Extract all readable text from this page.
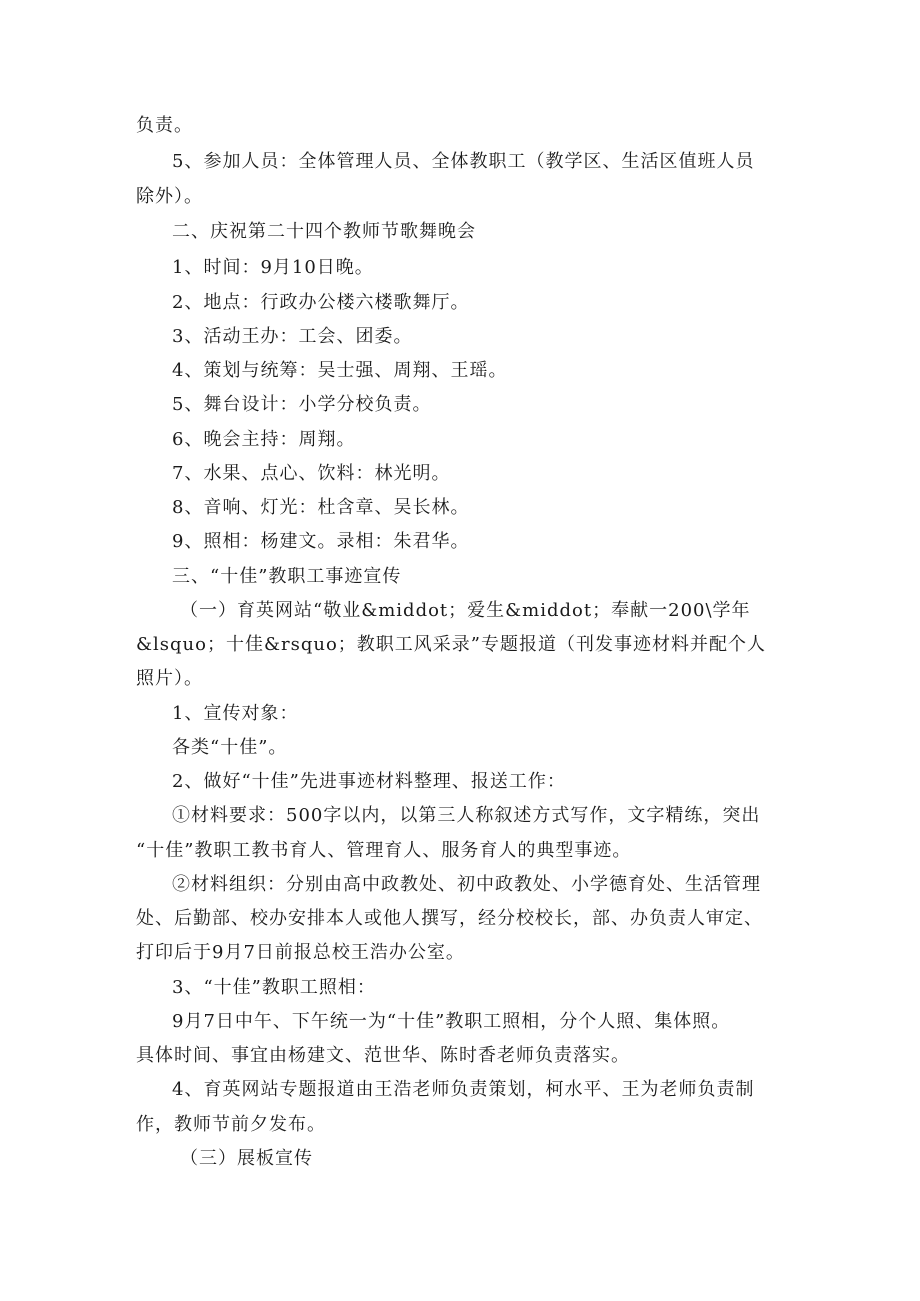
负责。
5、参加人员：全体管理人员、全体教职工（教学区、生活区值班人员
除外）。
二、庆祝第二十四个教师节歌舞晚会
1、时间：9月10日晚。
2、地点：行政办公楼六楼歌舞厅。
3、活动王办：工会、团委。
4、策划与统筹：吴士强、周翔、王瑶。
5、舞台设计：小学分校负责。
6、晚会主持：周翔。
7、水果、点心、饮料：林光明。
8、音响、灯光：杜含章、吴长林。
9、照相：杨建文。录相：朱君华。
三、“十佳”教职工事迹宣传
（一）育英网站“敬业&middot；爱生&middot；奉献一200\学年
&lsquo；十佳&rsquo；教职工风采录”专题报道（刊发事迹材料并配个人
照片）。
1、宣传对象：
各类“十佳”。
2、做好“十佳”先进事迹材料整理、报送工作：
①材料要求：500字以内，以第三人称叙述方式写作，文字精练，突出
“十佳”教职工教书育人、管理育人、服务育人的典型事迹。
②材料组织：分别由高中政教处、初中政教处、小学德育处、生活管理
处、后勤部、校办安排本人或他人撰写，经分校校长，部、办负责人审定、
打印后于9月7日前报总校王浩办公室。
3、“十佳”教职工照相：
9月7日中午、下午统一为“十佳”教职工照相，分个人照、集体照。
具体时间、事宜由杨建文、范世华、陈时香老师负责落实。
4、育英网站专题报道由王浩老师负责策划，柯水平、王为老师负责制
作，教师节前夕发布。
（三）展板宣传
